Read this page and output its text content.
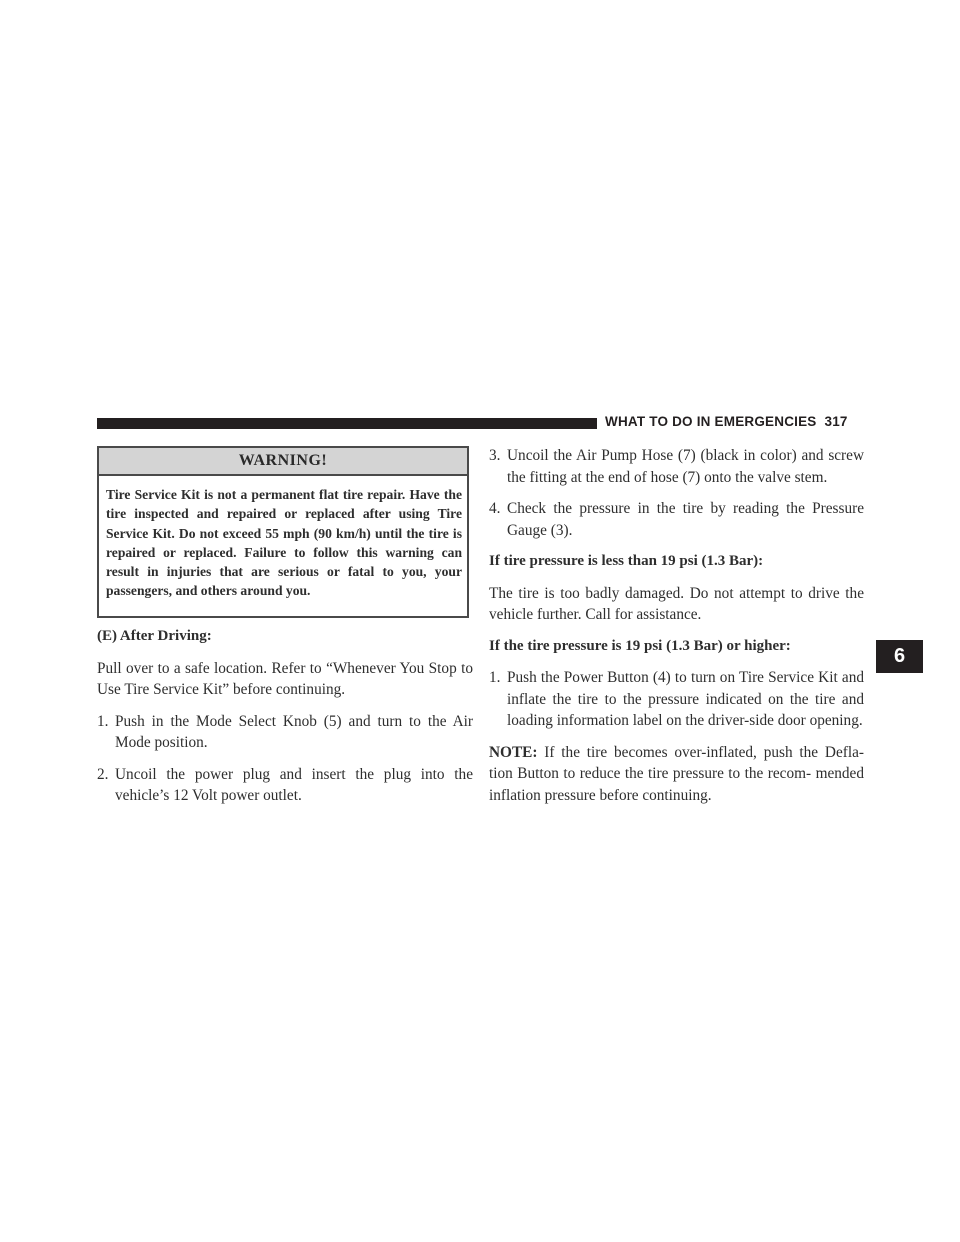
WHAT TO DO IN EMERGENCIES 317
WARNING!
Tire Service Kit is not a permanent flat tire repair. Have the tire inspected and repaired or replaced after using Tire Service Kit. Do not exceed 55 mph (90 km/h) until the tire is repaired or replaced. Failure to follow this warning can result in injuries that are serious or fatal to you, your passengers, and others around you.
(E) After Driving:
Pull over to a safe location. Refer to “Whenever You Stop to Use Tire Service Kit” before continuing.
1. Push in the Mode Select Knob (5) and turn to the Air Mode position.
2. Uncoil the power plug and insert the plug into the vehicle’s 12 Volt power outlet.
3. Uncoil the Air Pump Hose (7) (black in color) and screw the fitting at the end of hose (7) onto the valve stem.
4. Check the pressure in the tire by reading the Pressure Gauge (3).
If tire pressure is less than 19 psi (1.3 Bar):
The tire is too badly damaged. Do not attempt to drive the vehicle further. Call for assistance.
If the tire pressure is 19 psi (1.3 Bar) or higher:
1. Push the Power Button (4) to turn on Tire Service Kit and inflate the tire to the pressure indicated on the tire and loading information label on the driver-side door opening.
NOTE: If the tire becomes over-inflated, push the Defla- tion Button to reduce the tire pressure to the recom- mended inflation pressure before continuing.
6
